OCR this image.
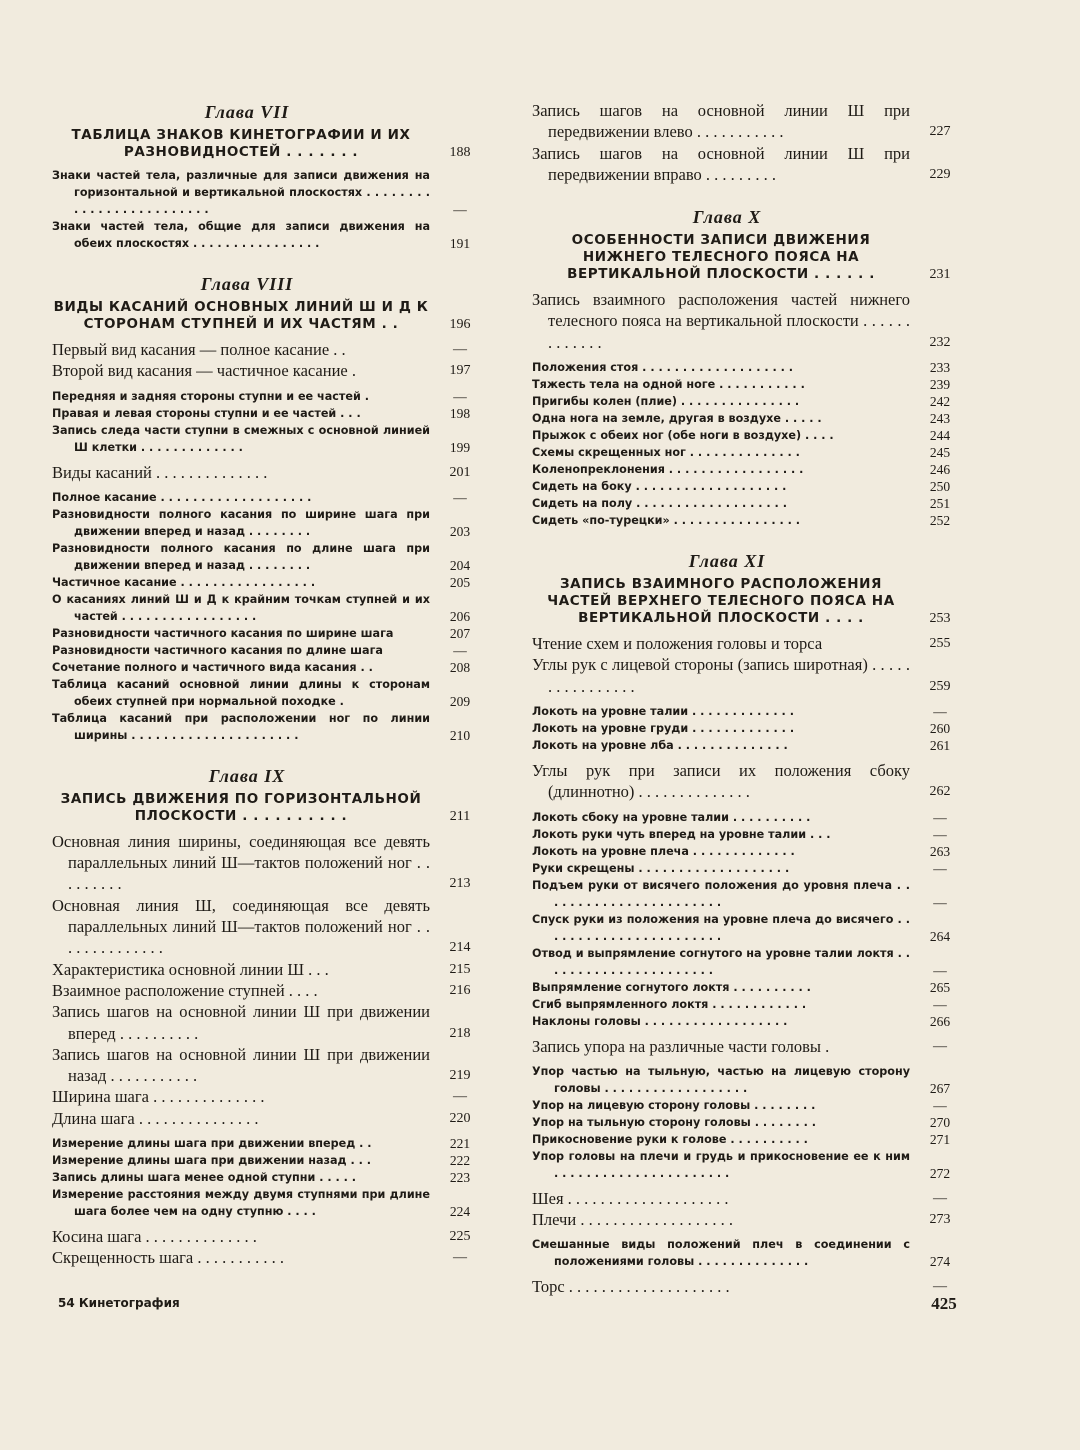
Глава VII
ТАБЛИЦА ЗНАКОВ КИНЕТОГРАФИИ И ИХ РАЗНОВИДНОСТЕЙ . . . . . . .	188
Знаки частей тела, различные для записи движения на горизонтальной и вертикальной плоскостях . . . . . . . . . . . . . . . . . . . . . . . . .	—
Знаки частей тела, общие для записи движения на обеих плоскостях . . . . . . . . . . . . . . . .	191
Глава VIII
ВИДЫ КАСАНИЙ ОСНОВНЫХ ЛИНИЙ Ш И Д К СТОРОНАМ СТУПНЕЙ И ИХ ЧАСТЯМ . .	196
Первый вид касания — полное касание . .	—
Второй вид касания — частичное касание .	197
Передняя и задняя стороны ступни и ее частей .	—
Правая и левая стороны ступни и ее частей . . .	198
Запись следа части ступни в смежных с основной линией Ш клетки . . . . . . . . . . . . .	199
Виды касаний . . . . . . . . . . . . . .	201
Полное касание . . . . . . . . . . . . . . . . . . .	—
Разновидности полного касания по ширине шага при движении вперед и назад . . . . . . . .	203
Разновидности полного касания по длине шага при движении вперед и назад . . . . . . . .	204
Частичное касание . . . . . . . . . . . . . . . . .	205
О касаниях линий Ш и Д к крайним точкам ступней и их частей . . . . . . . . . . . . . . . . .	206
Разновидности частичного касания по ширине шага	207
Разновидности частичного касания по длине шага	—
Сочетание полного и частичного вида касания . .	208
Таблица касаний основной линии длины к сторонам обеих ступней при нормальной походке .	209
Таблица касаний при расположении ног по линии ширины . . . . . . . . . . . . . . . . . . . . .	210
Глава IX
ЗАПИСЬ ДВИЖЕНИЯ ПО ГОРИЗОНТАЛЬНОЙ ПЛОСКОСТИ . . . . . . . . . .	211
Основная линия ширины, соединяющая все девять параллельных линий Ш—тактов положений ног . . . . . . . . .	213
Основная линия Ш, соединяющая все девять параллельных линий Ш—тактов положений ног . . . . . . . . . . . . . .	214
Характеристика основной линии Ш . . .	215
Взаимное расположение ступней . . . .	216
Запись шагов на основной линии Ш при движении вперед . . . . . . . . . .	218
Запись шагов на основной линии Ш при движении назад . . . . . . . . . . .	219
Ширина шага . . . . . . . . . . . . . .	—
Длина шага . . . . . . . . . . . . . . .	220
Измерение длины шага при движении вперед . .	221
Измерение длины шага при движении назад . . .	222
Запись длины шага менее одной ступни . . . . .	223
Измерение расстояния между двумя ступнями при длине шага более чем на одну ступню . . . .	224
Косина шага . . . . . . . . . . . . . .	225
Скрещенность шага . . . . . . . . . . .	—
Запись шагов на основной линии Ш при передвижении влево . . . . . . . . . . .	227
Запись шагов на основной линии Ш при передвижении вправо . . . . . . . . .	229
Глава X
ОСОБЕННОСТИ ЗАПИСИ ДВИЖЕНИЯ НИЖНЕГО ТЕЛЕСНОГО ПОЯСА НА ВЕРТИКАЛЬНОЙ ПЛОСКОСТИ . . . . . .	231
Запись взаимного расположения частей нижнего телесного пояса на вертикальной плоскости . . . . . . . . . . . . .	232
Положения стоя . . . . . . . . . . . . . . . . . . .	233
Тяжесть тела на одной ноге . . . . . . . . . . .	239
Пригибы колен (плие) . . . . . . . . . . . . . . .	242
Одна нога на земле, другая в воздухе . . . . .	243
Прыжок с обеих ног (обе ноги в воздухе) . . . .	244
Схемы скрещенных ног . . . . . . . . . . . . . .	245
Коленопреклонения . . . . . . . . . . . . . . . . .	246
Сидеть на боку . . . . . . . . . . . . . . . . . . .	250
Сидеть на полу . . . . . . . . . . . . . . . . . . .	251
Сидеть «по-турецки» . . . . . . . . . . . . . . . .	252
Глава XI
ЗАПИСЬ ВЗАИМНОГО РАСПОЛОЖЕНИЯ ЧАСТЕЙ ВЕРХНЕГО ТЕЛЕСНОГО ПОЯСА НА ВЕРТИКАЛЬНОЙ ПЛОСКОСТИ . . . .	253
Чтение схем и положения головы и торса	255
Углы рук с лицевой стороны (запись широтная) . . . . . . . . . . . . . . . .	259
Локоть на уровне талии . . . . . . . . . . . . .	—
Локоть на уровне груди . . . . . . . . . . . . .	260
Локоть на уровне лба . . . . . . . . . . . . . .	261
Углы рук при записи их положения сбоку (длиннотно) . . . . . . . . . . . . . .	262
Локоть сбоку на уровне талии . . . . . . . . . .	—
Локоть руки чуть вперед на уровне талии . . .	—
Локоть на уровне плеча . . . . . . . . . . . . .	263
Руки скрещены . . . . . . . . . . . . . . . . . . .	—
Подъем руки от висячего положения до уровня плеча . . . . . . . . . . . . . . . . . . . . . . .	—
Спуск руки из положения на уровне плеча до висячего . . . . . . . . . . . . . . . . . . . . . . .	264
Отвод и выпрямление согнутого на уровне талии локтя . . . . . . . . . . . . . . . . . . . . . .	—
Выпрямление согнутого локтя . . . . . . . . . .	265
Сгиб выпрямленного локтя . . . . . . . . . . . .	—
Наклоны головы . . . . . . . . . . . . . . . . . .	266
Запись упора на различные части головы .	—
Упор частью на тыльную, частью на лицевую сторону головы . . . . . . . . . . . . . . . . . .	267
Упор на лицевую сторону головы . . . . . . . .	—
Упор на тыльную сторону головы . . . . . . . .	270
Прикосновение руки к голове . . . . . . . . . .	271
Упор головы на плечи и грудь и прикосновение ее к ним . . . . . . . . . . . . . . . . . . . . . .	272
Шея . . . . . . . . . . . . . . . . . . . .	—
Плечи . . . . . . . . . . . . . . . . . . .	273
Смешанные виды положений плеч в соединении с положениями головы . . . . . . . . . . . . . .	274
Торс . . . . . . . . . . . . . . . . . . . .	—
54 Кинетография	425
